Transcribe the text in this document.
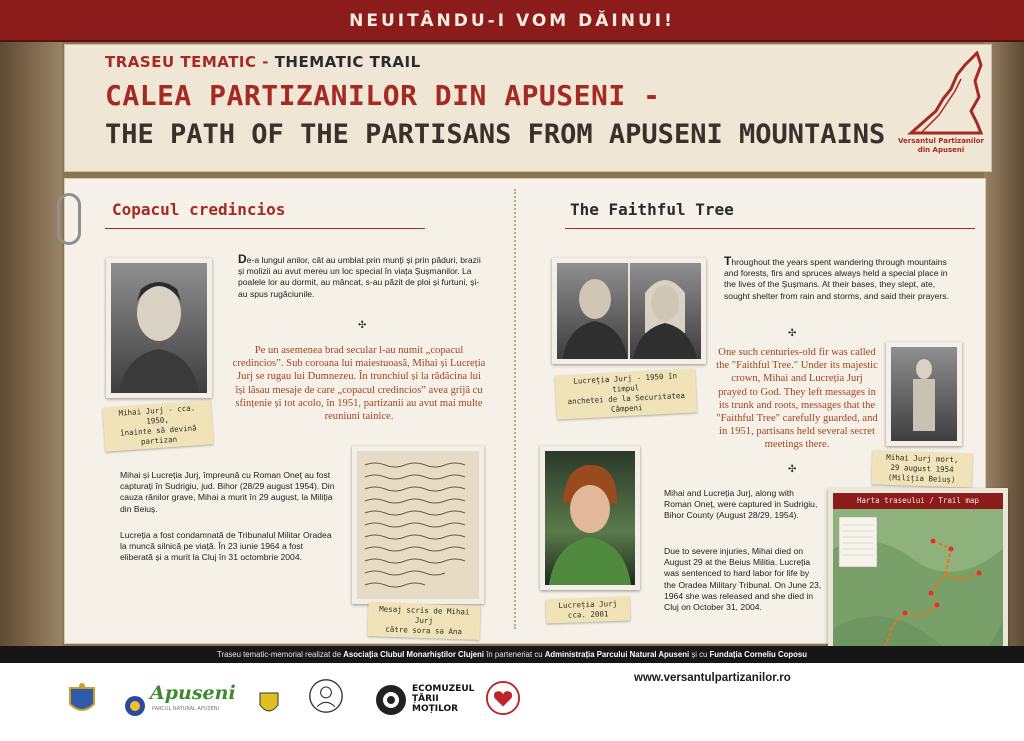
NEUITÂNDU-I VOM DĂINUI!
TRASEU TEMATIC - THEMATIC TRAIL
CALEA PARTIZANILOR DIN APUSENI -
THE PATH OF THE PARTISANS FROM APUSENI MOUNTAINS	Versantul Partizanilor
din Apuseni
Copacul credincios
Mihai Jurj - cca. 1950,
înainte să devină partizan
De-a lungul anilor, cât au umblat prin munți și prin păduri, brazii și molizii au avut mereu un loc special în viața Șușmanilor. La poalele lor au dormit, au mâncat, s-au păzit de ploi și furtuni, și-au spus rugăciunile.
✣
Pe un asemenea brad secular l-au numit „copacul credincios”. Sub coroana lui maiestuoasă, Mihai și Lucreția Jurj se rugau lui Dumnezeu. În trunchiul și la rădăcina lui își lăsau mesaje de care „copacul credincios” avea grijă cu sfințenie și tot acolo, în 1951, partizanii au avut mai multe reuniuni tainice.
Mihai și Lucreția Jurj, împreună cu Roman Oneț au fost capturați în Sudrigiu, jud. Bihor (28/29 august 1954). Din cauza rănilor grave, Mihai a murit în 29 august, la Miliția din Beiuș.
Lucreția a fost condamnată de Tribunalul Militar Oradea la muncă silnică pe viață. În 23 iunie 1964 a fost eliberată și a murit la Cluj în 31 octombrie 2004.
Mesaj scris de Mihai Jurj
către sora sa Ana
The Faithful Tree
Lucreția Jurj - 1950 în timpul
anchetei de la Securitatea Câmpeni
Throughout the years spent wandering through mountains and forests, firs and spruces always held a special place in the lives of the Șușmans. At their bases, they slept, ate, sought shelter from rain and storms, and said their prayers.
✣
One such centuries-old fir was called the "Faithful Tree." Under its majestic crown, Mihai and Lucreția Jurj prayed to God. They left messages in its trunk and roots, messages that the "Faithful Tree" carefully guarded, and in 1951, partisans held several secret meetings there.
✣
Mihai Jurj mort,
29 august 1954
(Miliția Beiuș)
Lucreția Jurj
cca. 2001
Mihai and Lucreția Jurj, along with Roman Oneț, were captured in Sudrigiu, Bihor County (August 28/29, 1954).
Due to severe injuries, Mihai died on August 29 at the Beius Militia. Lucreția was sentenced to hard labor for life by the Oradea Military Tribunal. On June 23, 1964 she was released and she died in Cluj on October 31, 2004.
Harta traseului / Trail map
Traseu tematic-memorial realizat de Asociația Clubul Monarhiștilor Clujeni în parteneriat cu Administrația Parcului Natural Apuseni și cu Fundația Corneliu Coposu
www.versantulpartizanilor.ro
Apuseni
PARCUL NATURAL APUSENI
ECOMUZEUL
ȚĂRII
MOȚILOR
